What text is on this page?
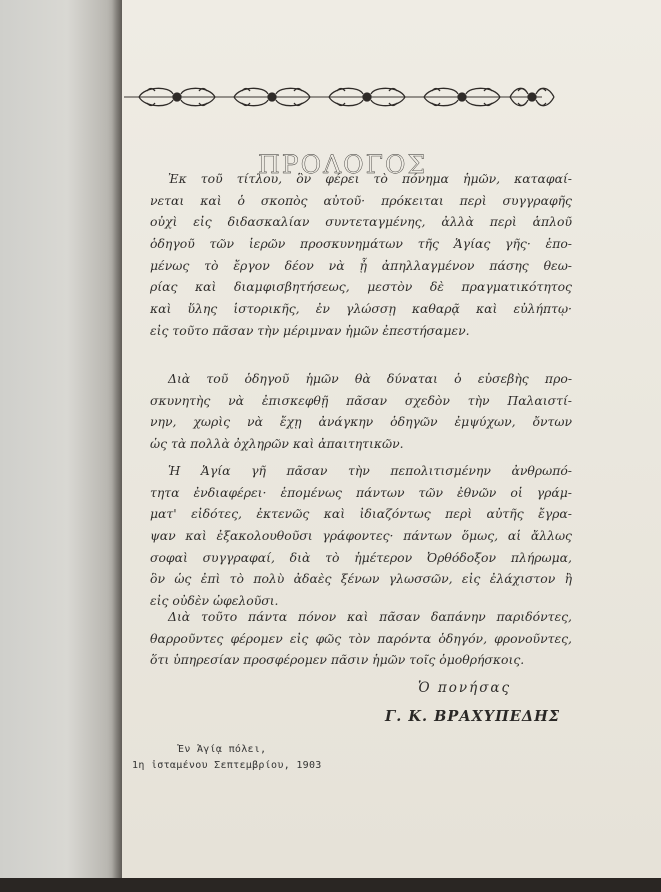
ΠΡΟΛΟΓΟΣ
Ἐκ τοῦ τίτλου, ὃν φέρει τὸ πόνημα ἡμῶν, καταφαί-
νεται καὶ ὁ σκοπὸς αὐτοῦ· πρόκειται περὶ συγγραφῆς
οὐχὶ εἰς διδασκαλίαν συντεταγμένης, ἀλλὰ περὶ ἁπλοῦ
ὁδηγοῦ τῶν ἱερῶν προσκυνημάτων τῆς Ἁγίας γῆς· ἑπο-
μένως τὸ ἔργον δέον νὰ ᾖ ἀπηλλαγμένον πάσης θεω-
ρίας καὶ διαμφισβητήσεως, μεστὸν δὲ πραγματικότητος
καὶ ὕλης ἱστορικῆς, ἐν γλώσσῃ καθαρᾷ καὶ εὐλήπτῳ·
εἰς τοῦτο πᾶσαν τὴν μέριμναν ἡμῶν ἐπεστήσαμεν.
Διὰ τοῦ ὁδηγοῦ ἡμῶν θὰ δύναται ὁ εὐσεβὴς προ-
σκυνητὴς νὰ ἐπισκεφθῇ πᾶσαν σχεδὸν τὴν Παλαιστί-
νην, χωρὶς νὰ ἔχῃ ἀνάγκην ὁδηγῶν ἐμψύχων, ὄντων
ὡς τὰ πολλὰ ὀχληρῶν καὶ ἀπαιτητικῶν.
Ἡ Ἁγία γῆ πᾶσαν τὴν πεπολιτισμένην ἀνθρωπό-
τητα ἐνδιαφέρει· ἑπομένως πάντων τῶν ἐθνῶν οἱ γράμ-
ματ' εἰδότες, ἐκτενῶς καὶ ἰδιαζόντως περὶ αὐτῆς ἔγρα-
ψαν καὶ ἐξακολουθοῦσι γράφοντες· πάντων ὅμως, αἱ ἄλλως
σοφαὶ συγγραφαί, διὰ τὸ ἡμέτερον Ὀρθόδοξον πλήρωμα,
ὃν ὡς ἐπὶ τὸ πολὺ ἀδαὲς ξένων γλωσσῶν, εἰς ἐλάχιστον ἢ
εἰς οὐδὲν ὠφελοῦσι.
Διὰ τοῦτο πάντα πόνον καὶ πᾶσαν δαπάνην παριδόντες,
θαρροῦντες φέρομεν εἰς φῶς τὸν παρόντα ὁδηγόν, φρονοῦντες,
ὅτι ὑπηρεσίαν προσφέρομεν πᾶσιν ἡμῶν τοῖς ὁμοθρήσκοις.
Ὁ πονήσας
Γ. Κ. ΒΡΑΧΥΠΕΔΗΣ
Ἐν Ἁγίᾳ πόλει,
1η ἱσταμένου Σεπτεμβρίου, 1903
